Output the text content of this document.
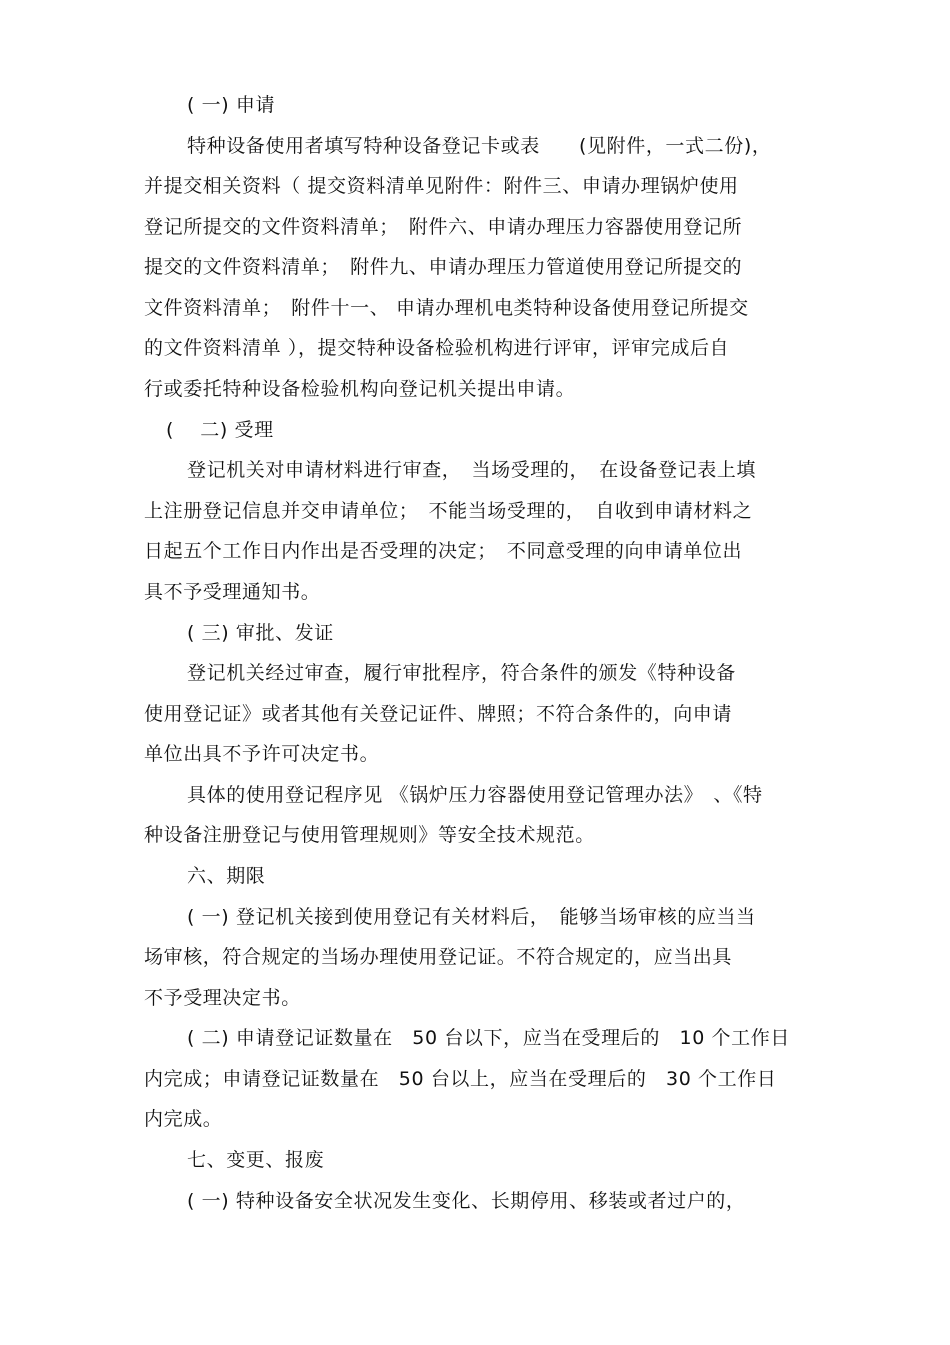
( 一) 申请
特种设备使用者填写特种设备登记卡或表　　(见附件，一式二份)，
并提交相关资料（ 提交资料清单见附件：附件三、申请办理锅炉使用
登记所提交的文件资料清单；　附件六、申请办理压力容器使用登记所
提交的文件资料清单；　附件九、申请办理压力管道使用登记所提交的
文件资料清单；　附件十一、 申请办理机电类特种设备使用登记所提交
的文件资料清单 ），提交特种设备检验机构进行评审，评审完成后自
行或委托特种设备检验机构向登记机关提出申请。
(　 二) 受理
登记机关对申请材料进行审查，　当场受理的，　在设备登记表上填
上注册登记信息并交申请单位；　不能当场受理的，　自收到申请材料之
日起五个工作日内作出是否受理的决定；　不同意受理的向申请单位出
具不予受理通知书。
( 三) 审批、发证
登记机关经过审查，履行审批程序，符合条件的颁发《特种设备
使用登记证》或者其他有关登记证件、牌照；不符合条件的，向申请
单位出具不予许可决定书。
具体的使用登记程序见 《锅炉压力容器使用登记管理办法》　、《特
种设备注册登记与使用管理规则》等安全技术规范。
六、期限
( 一) 登记机关接到使用登记有关材料后，　能够当场审核的应当当
场审核，符合规定的当场办理使用登记证。不符合规定的，应当出具
不予受理决定书。
( 二) 申请登记证数量在　50 台以下，应当在受理后的　10 个工作日
内完成；申请登记证数量在　50 台以上，应当在受理后的　30 个工作日
内完成。
七、变更、报废
( 一) 特种设备安全状况发生变化、长期停用、移装或者过户的，
